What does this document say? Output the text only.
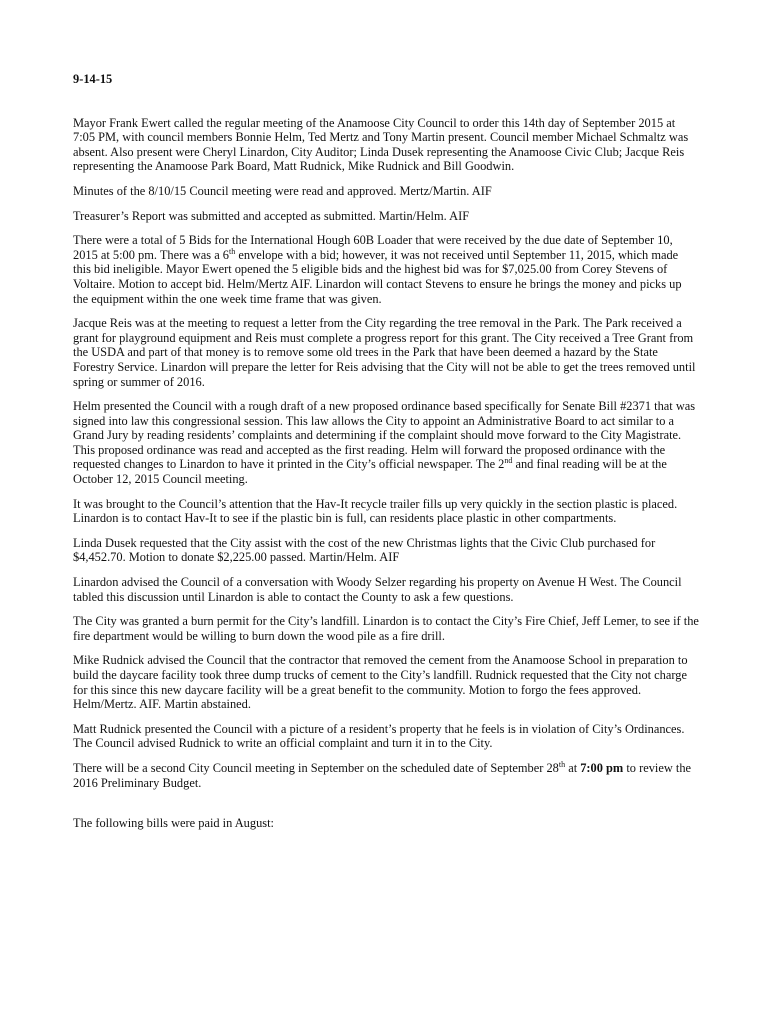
9-14-15

Mayor Frank Ewert called the regular meeting of the Anamoose City Council to order this 14th day of September 2015 at 7:05 PM, with council members Bonnie Helm, Ted Mertz and Tony Martin present. Council member Michael Schmaltz was absent. Also present were Cheryl Linardon, City Auditor; Linda Dusek representing the Anamoose Civic Club; Jacque Reis representing the Anamoose Park Board, Matt Rudnick, Mike Rudnick and Bill Goodwin.

Minutes of the 8/10/15 Council meeting were read and approved. Mertz/Martin. AIF

Treasurer’s Report was submitted and accepted as submitted. Martin/Helm. AIF

There were a total of 5 Bids for the International Hough 60B Loader that were received by the due date of September 10, 2015 at 5:00 pm. There was a 6th envelope with a bid; however, it was not received until September 11, 2015, which made this bid ineligible. Mayor Ewert opened the 5 eligible bids and the highest bid was for $7,025.00 from Corey Stevens of Voltaire. Motion to accept bid. Helm/Mertz AIF. Linardon will contact Stevens to ensure he brings the money and picks up the equipment within the one week time frame that was given.

Jacque Reis was at the meeting to request a letter from the City regarding the tree removal in the Park. The Park received a grant for playground equipment and Reis must complete a progress report for this grant. The City received a Tree Grant from the USDA and part of that money is to remove some old trees in the Park that have been deemed a hazard by the State Forestry Service. Linardon will prepare the letter for Reis advising that the City will not be able to get the trees removed until spring or summer of 2016.

Helm presented the Council with a rough draft of a new proposed ordinance based specifically for Senate Bill #2371 that was signed into law this congressional session. This law allows the City to appoint an Administrative Board to act similar to a Grand Jury by reading residents’ complaints and determining if the complaint should move forward to the City Magistrate. This proposed ordinance was read and accepted as the first reading. Helm will forward the proposed ordinance with the requested changes to Linardon to have it printed in the City’s official newspaper. The 2nd and final reading will be at the October 12, 2015 Council meeting.

It was brought to the Council’s attention that the Hav-It recycle trailer fills up very quickly in the section plastic is placed. Linardon is to contact Hav-It to see if the plastic bin is full, can residents place plastic in other compartments.

Linda Dusek requested that the City assist with the cost of the new Christmas lights that the Civic Club purchased for $4,452.70. Motion to donate $2,225.00 passed. Martin/Helm. AIF

Linardon advised the Council of a conversation with Woody Selzer regarding his property on Avenue H West. The Council tabled this discussion until Linardon is able to contact the County to ask a few questions.

The City was granted a burn permit for the City’s landfill. Linardon is to contact the City’s Fire Chief, Jeff Lemer, to see if the fire department would be willing to burn down the wood pile as a fire drill.

Mike Rudnick advised the Council that the contractor that removed the cement from the Anamoose School in preparation to build the daycare facility took three dump trucks of cement to the City’s landfill. Rudnick requested that the City not charge for this since this new daycare facility will be a great benefit to the community. Motion to forgo the fees approved. Helm/Mertz. AIF. Martin abstained.

Matt Rudnick presented the Council with a picture of a resident’s property that he feels is in violation of City’s Ordinances. The Council advised Rudnick to write an official complaint and turn it in to the City.

There will be a second City Council meeting in September on the scheduled date of September 28th at 7:00 pm to review the 2016 Preliminary Budget.

The following bills were paid in August:
